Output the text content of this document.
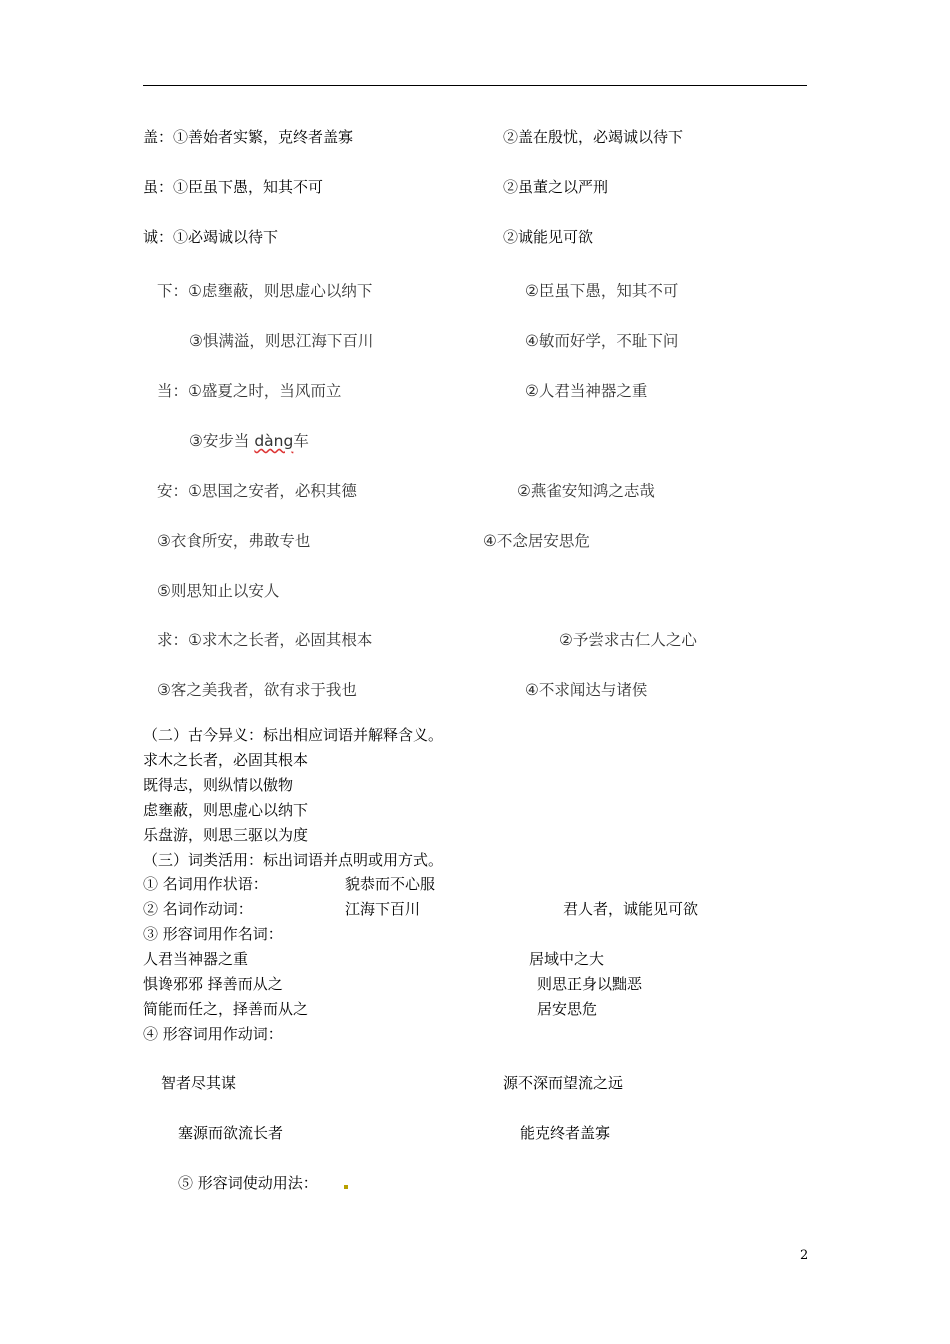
盖：①善始者实繁，克终者盖寡	②盖在殷忧，必竭诚以待下
虽：①臣虽下愚，知其不可	②虽董之以严刑
诚：①必竭诚以待下	②诚能见可欲
下：①虑壅蔽，则思虚心以纳下	②臣虽下愚，知其不可
③惧满溢，则思江海下百川	④敏而好学，不耻下问
当：①盛夏之时，当风而立	②人君当神器之重
③安步当 dàng车
安：①思国之安者，必积其德	②燕雀安知鸿之志哉
③衣食所安，弗敢专也	④不念居安思危
⑤则思知止以安人
求：①求木之长者，必固其根本	②予尝求古仁人之心
③客之美我者，欲有求于我也	④不求闻达与诸侯
（二）古今异义：标出相应词语并解释含义。
求木之长者，必固其根本
既得志，则纵情以傲物
虑壅蔽，则思虚心以纳下
乐盘游，则思三驱以为度
（三）词类活用：标出词语并点明或用方式。
① 名词用作状语：	貌恭而不心服
② 名词作动词：	江海下百川	君人者，诚能见可欲
③ 形容词用作名词：
人君当神器之重	居域中之大
惧谗邪邪 择善而从之	则思正身以黜恶
简能而任之，择善而从之	居安思危
④ 形容词用作动词：
智者尽其谋	源不深而望流之远
塞源而欲流长者	能克终者盖寡
⑤ 形容词使动用法：
2
